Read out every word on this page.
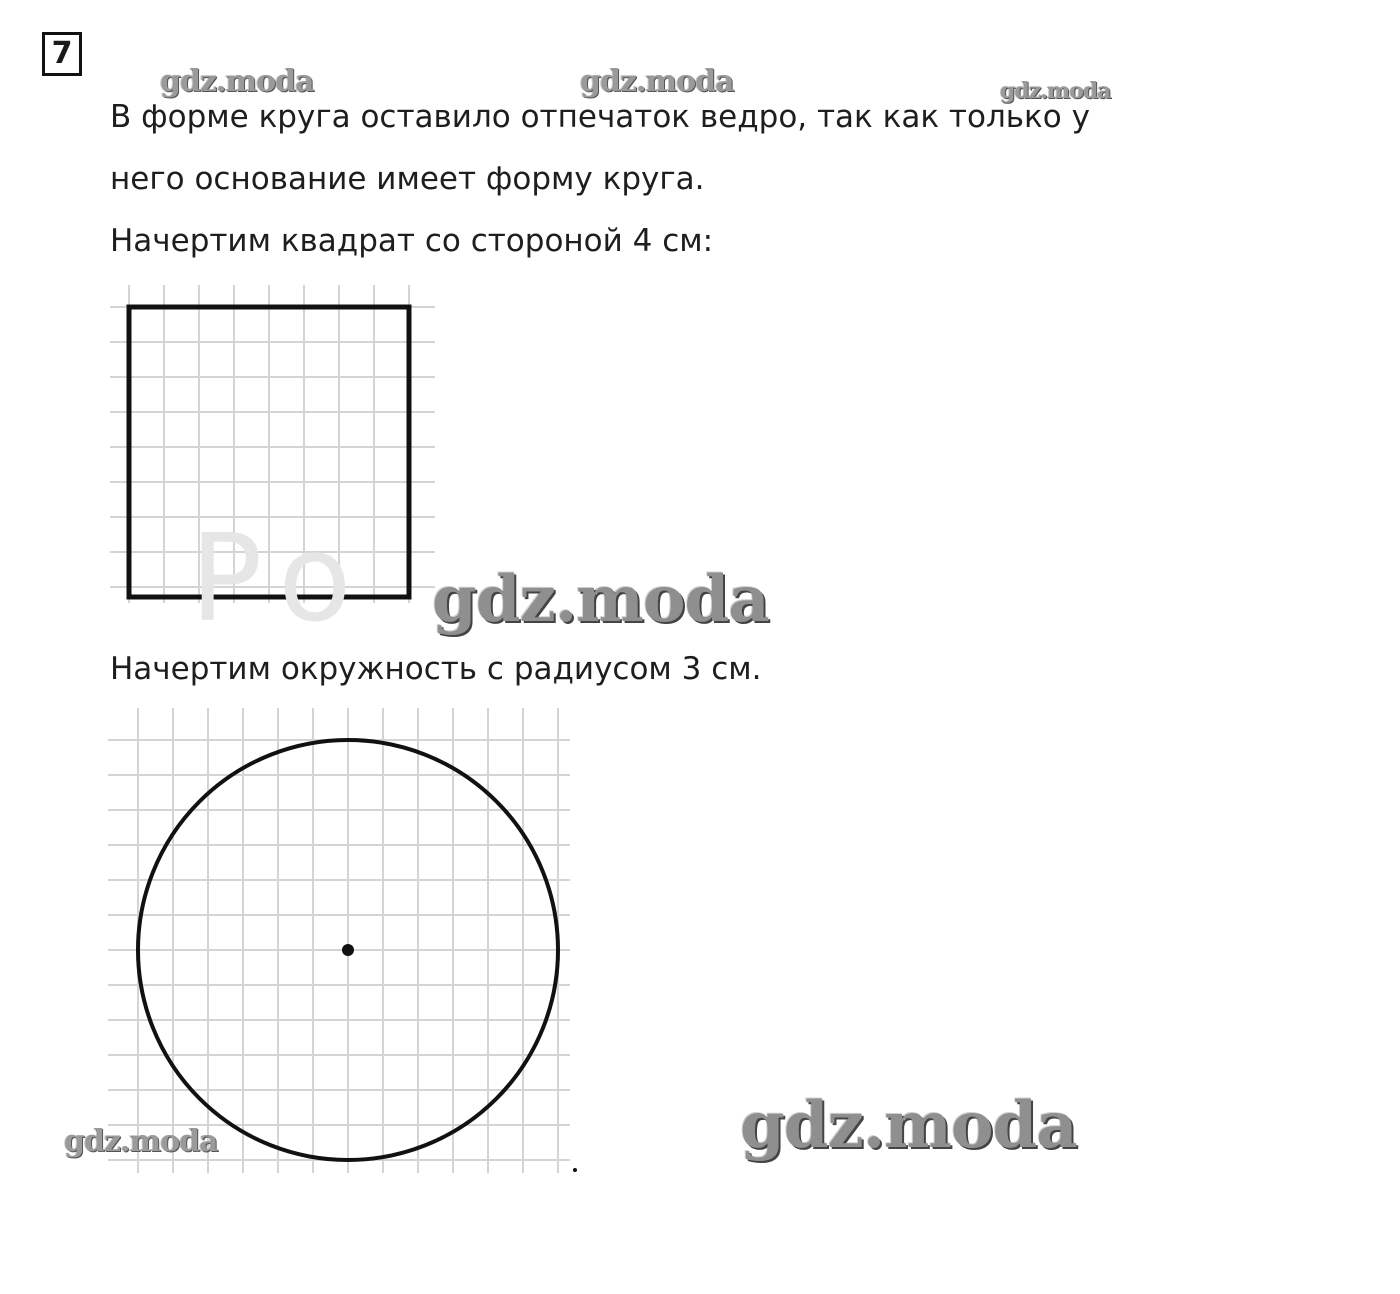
7
gdz.moda	gdz.moda	gdz.moda
В форме круга оставило отпечаток ведро, так как только у
него основание имеет форму круга.
Начертим квадрат со стороной 4 см:
Po gdz.moda
Начертим окружность с радиусом 3 см.
gdz.moda	gdz.moda
